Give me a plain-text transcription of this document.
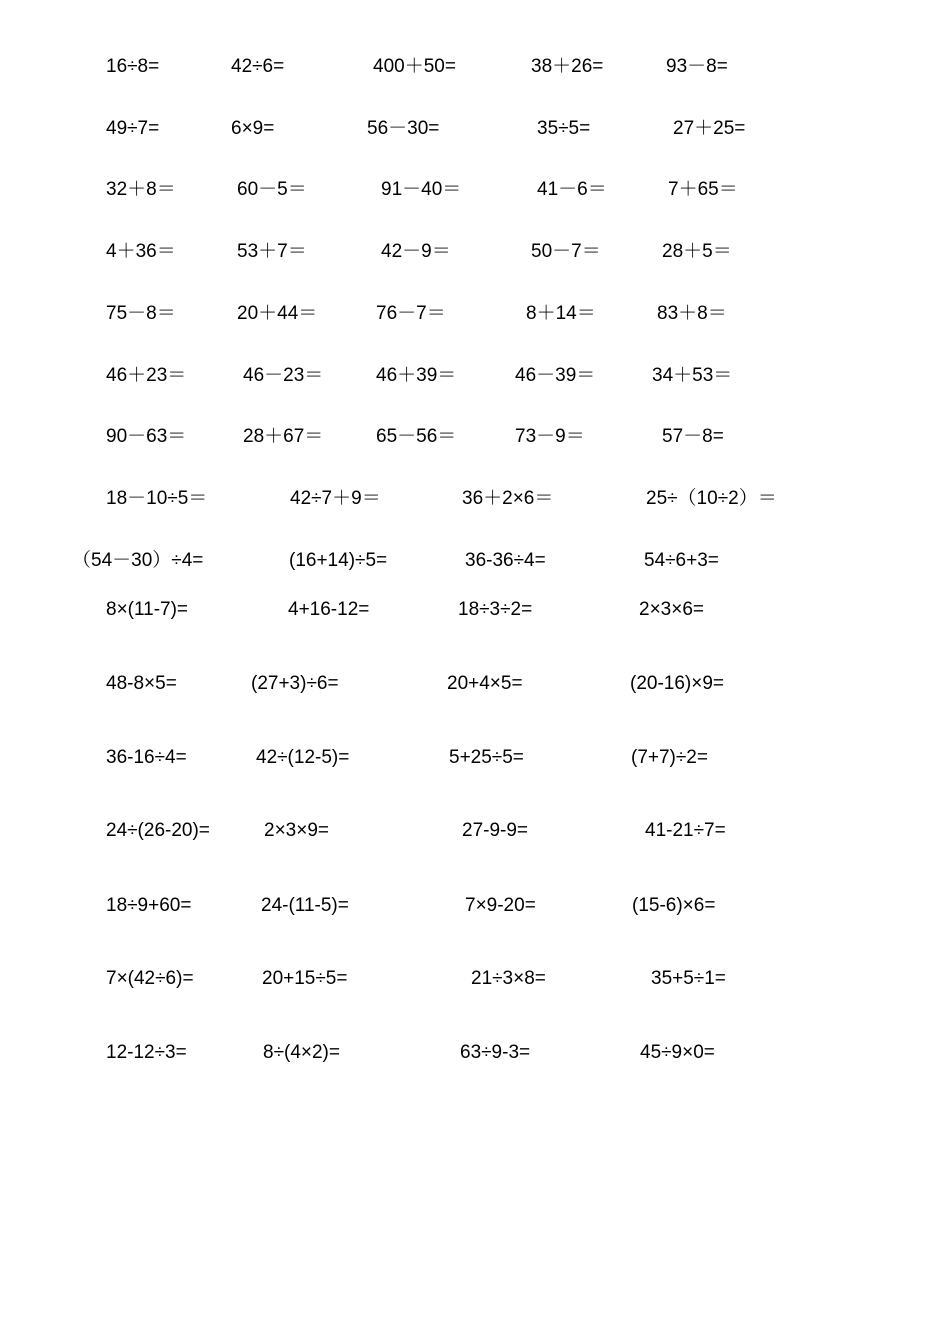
16÷8=	42÷6=	400＋50=	38＋26=	93－8=
49÷7=	6×9=	56－30=	35÷5=	27＋25=
32＋8＝	60－5＝	91－40＝	41－6＝	7＋65＝
4＋36＝	53＋7＝	42－9＝	50－7＝	28＋5＝
75－8＝	20＋44＝	76－7＝	8＋14＝	83＋8＝
46＋23＝	46－23＝	46＋39＝	46－39＝	34＋53＝
90－63＝	28＋67＝	65－56＝	73－9＝	57－8=
18－10÷5＝	42÷7＋9＝	36＋2×6＝	25÷（10÷2）＝
（54－30）÷4=	(16+14)÷5=	36-36÷4=	54÷6+3=
8×(11-7)=	4+16-12=	18÷3÷2=	2×3×6=
48-8×5=	(27+3)÷6=	20+4×5=	(20-16)×9=
36-16÷4=	42÷(12-5)=	5+25÷5=	(7+7)÷2=
24÷(26-20)=	2×3×9=	27-9-9=	41-21÷7=
18÷9+60=	24-(11-5)=	7×9-20=	(15-6)×6=
7×(42÷6)=	20+15÷5=	21÷3×8=	35+5÷1=
12-12÷3=	8÷(4×2)=	63÷9-3=	45÷9×0=
